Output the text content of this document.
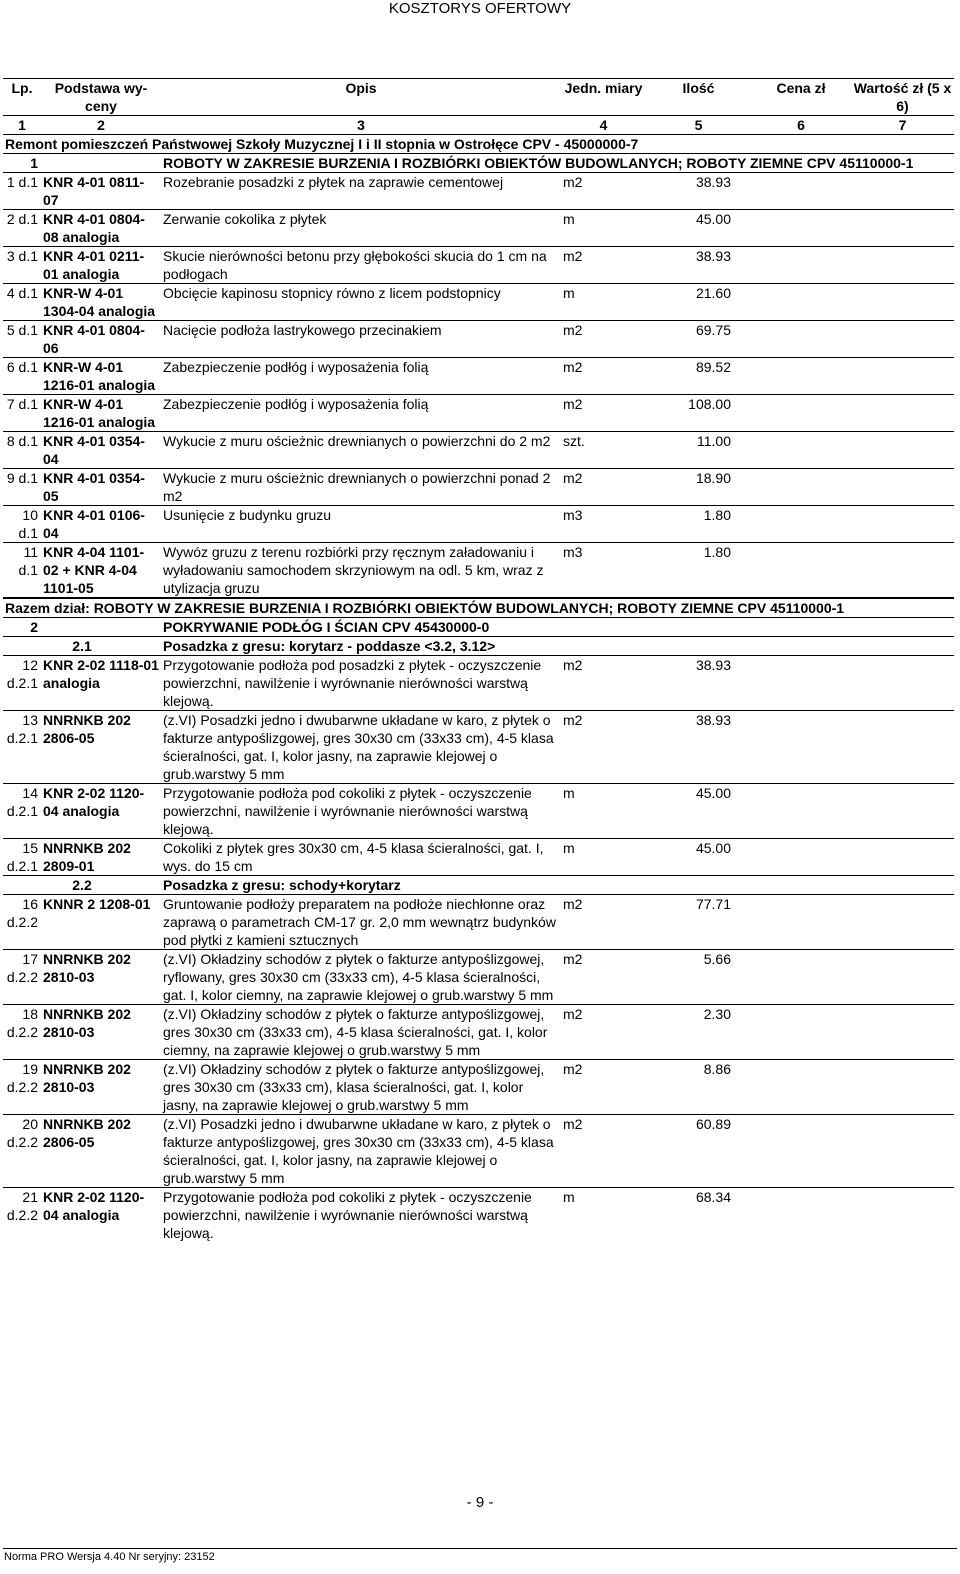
KOSZTORYS OFERTOWY
Lp.	Podstawa wy-ceny	Opis	Jedn. miary	Ilość	Cena zł	Wartość zł (5 x 6)
1	2	3	4	5	6	7
Remont pomieszczeń Państwowej Szkoły Muzycznej I i II stopnia w Ostrołęce CPV - 45000000-7						
1		ROBOTY W ZAKRESIE BURZENIA I ROZBIÓRKI OBIEKTÓW BUDOWLANYCH; ROBOTY ZIEMNE CPV 45110000-1				
1 d.1	KNR 4-01 0811-07	Rozebranie posadzki z płytek na zaprawie cementowej	m2	38.93		
2 d.1	KNR 4-01 0804-08 analogia	Zerwanie cokolika z płytek	m	45.00		
3 d.1	KNR 4-01 0211-01 analogia	Skucie nierówności betonu przy głębokości skucia do 1 cm na podłogach	m2	38.93		
4 d.1	KNR-W 4-01 1304-04 analogia	Obcięcie kapinosu stopnicy równo z licem podstopnicy	m	21.60		
5 d.1	KNR 4-01 0804-06	Nacięcie podłoża lastrykowego przecinakiem	m2	69.75		
6 d.1	KNR-W 4-01 1216-01 analogia	Zabezpieczenie podłóg i wyposażenia folią	m2	89.52		
7 d.1	KNR-W 4-01 1216-01 analogia	Zabezpieczenie podłóg i wyposażenia folią	m2	108.00		
8 d.1	KNR 4-01 0354-04	Wykucie z muru ościeżnic drewnianych o powierzchni do 2 m2	szt.	11.00		
9 d.1	KNR 4-01 0354-05	Wykucie z muru ościeżnic drewnianych o powierzchni ponad 2 m2	m2	18.90		
10 d.1	KNR 4-01 0106-04	Usunięcie z budynku gruzu	m3	1.80		
11 d.1	KNR 4-04 1101-02 + KNR 4-04 1101-05	Wywóz gruzu z terenu rozbiórki przy ręcznym załadowaniu i wyładowaniu samochodem skrzyniowym na odl. 5 km, wraz z utylizacja gruzu	m3	1.80		
Razem dział: ROBOTY W ZAKRESIE BURZENIA I ROZBIÓRKI OBIEKTÓW BUDOWLANYCH; ROBOTY ZIEMNE CPV 45110000-1						
2		POKRYWANIE PODŁÓG I ŚCIAN CPV 45430000-0				
2.1		Posadzka z gresu: korytarz - poddasze <3.2, 3.12>				
12 d.2.1	KNR 2-02 1118-01 analogia	Przygotowanie podłoża pod posadzki z płytek - oczyszczenie powierzchni, nawilżenie i wyrównanie nierówności warstwą klejową.	m2	38.93		
13 d.2.1	NNRNKB 202 2806-05	(z.VI) Posadzki jedno i dwubarwne układane w karo, z płytek o fakturze antypoślizgowej, gres 30x30 cm (33x33 cm), 4-5 klasa ścieralności, gat. I, kolor jasny, na zaprawie klejowej o grub.warstwy 5 mm	m2	38.93		
14 d.2.1	KNR 2-02 1120-04 analogia	Przygotowanie podłoża pod cokoliki z płytek - oczyszczenie powierzchni, nawilżenie i wyrównanie nierówności warstwą klejową.	m	45.00		
15 d.2.1	NNRNKB 202 2809-01	Cokoliki z płytek gres 30x30 cm, 4-5 klasa ścieralności, gat. I, wys. do 15 cm	m	45.00		
2.2		Posadzka z gresu: schody+korytarz				
16 d.2.2	KNNR 2 1208-01	Gruntowanie podłoży preparatem na podłoże niechłonne oraz zaprawą o parametrach CM-17 gr. 2,0 mm wewnątrz budynków pod płytki z kamieni sztucznych	m2	77.71		
17 d.2.2	NNRNKB 202 2810-03	(z.VI) Okładziny schodów z płytek o fakturze antypoślizgowej, ryflowany, gres 30x30 cm (33x33 cm), 4-5 klasa ścieralności, gat. I, kolor ciemny, na zaprawie klejowej o grub.warstwy 5 mm	m2	5.66		
18 d.2.2	NNRNKB 202 2810-03	(z.VI) Okładziny schodów z płytek o fakturze antypoślizgowej, gres 30x30 cm (33x33 cm), 4-5 klasa ścieralności, gat. I, kolor ciemny, na zaprawie klejowej o grub.warstwy 5 mm	m2	2.30		
19 d.2.2	NNRNKB 202 2810-03	(z.VI) Okładziny schodów z płytek o fakturze antypoślizgowej, gres 30x30 cm (33x33 cm), klasa ścieralności, gat. I, kolor jasny, na zaprawie klejowej o grub.warstwy 5 mm	m2	8.86		
20 d.2.2	NNRNKB 202 2806-05	(z.VI) Posadzki jedno i dwubarwne układane w karo, z płytek o fakturze antypoślizgowej, gres 30x30 cm (33x33 cm), 4-5 klasa ścieralności, gat. I, kolor jasny, na zaprawie klejowej o grub.warstwy 5 mm	m2	60.89		
21 d.2.2	KNR 2-02 1120-04 analogia	Przygotowanie podłoża pod cokoliki z płytek - oczyszczenie powierzchni, nawilżenie i wyrównanie nierówności warstwą klejową.	m	68.34		
- 9 -
Norma PRO Wersja 4.40 Nr seryjny: 23152
